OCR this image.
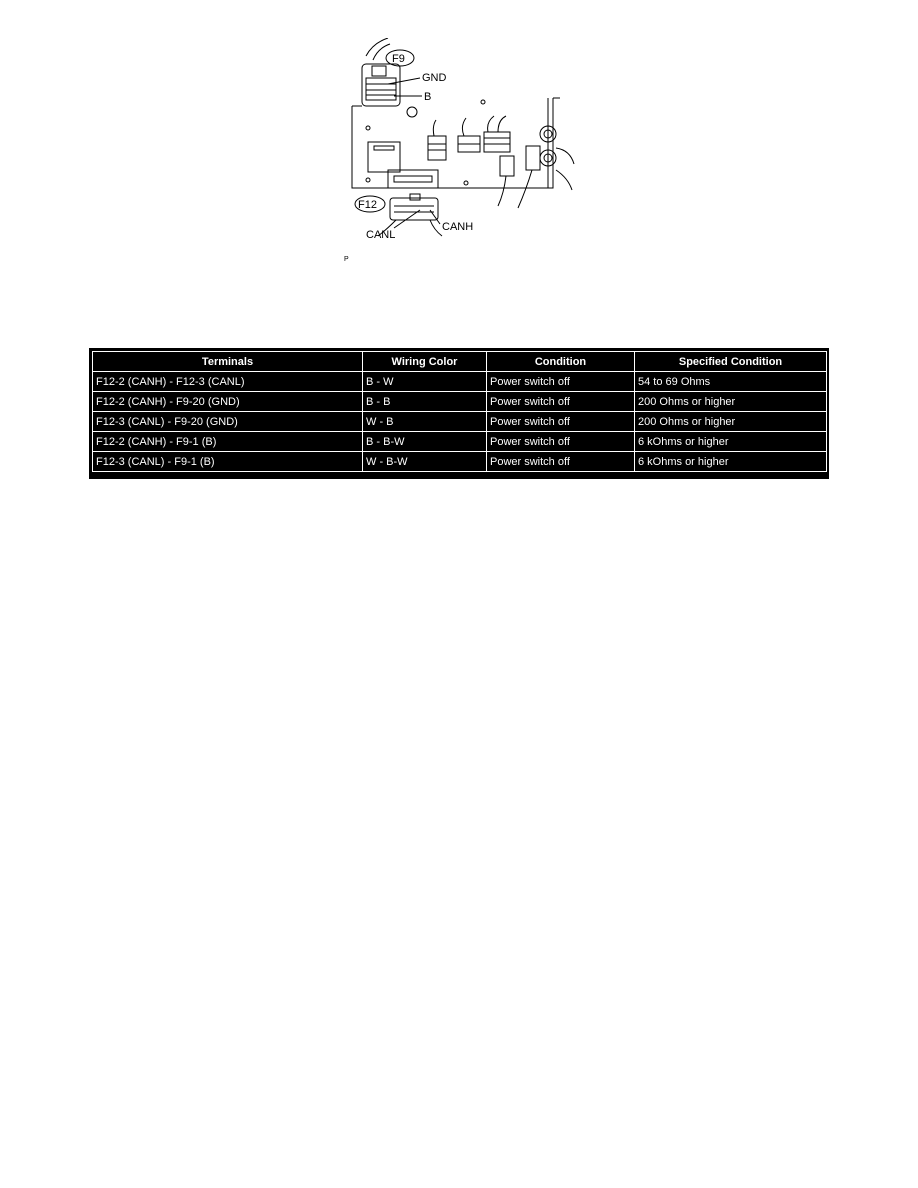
F9
GND
B
F12
CANL
CANH
P
Terminals	Wiring Color	Condition	Specified Condition
F12-2 (CANH) - F12-3 (CANL)	B - W	Power switch off	54 to 69 Ohms
F12-2 (CANH) - F9-20 (GND)	B - B	Power switch off	200 Ohms or higher
F12-3 (CANL) - F9-20 (GND)	W - B	Power switch off	200 Ohms or higher
F12-2 (CANH) - F9-1 (B)	B - B-W	Power switch off	6 kOhms or higher
F12-3 (CANL) - F9-1 (B)	W - B-W	Power switch off	6 kOhms or higher
